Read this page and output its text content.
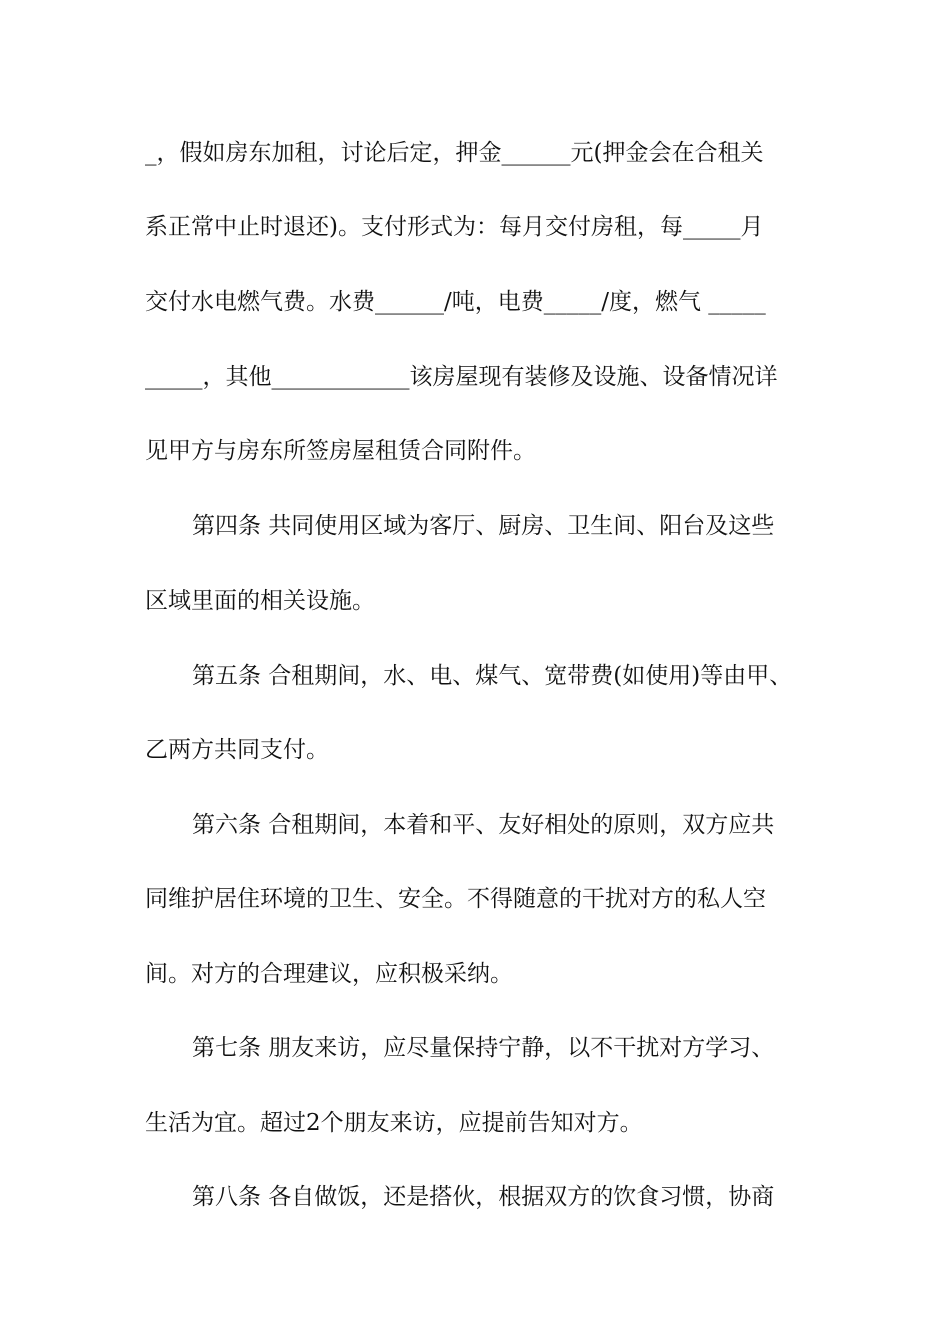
_，假如房东加租，讨论后定，押金______元(押金会在合租关
系正常中止时退还)。支付形式为：每月交付房租，每_____月
交付水电燃气费。水费______/吨，电费_____/度，燃气 _____
_____，其他____________该房屋现有装修及设施、设备情况详
见甲方与房东所签房屋租赁合同附件。
第四条 共同使用区域为客厅、厨房、卫生间、阳台及这些
区域里面的相关设施。
第五条 合租期间，水、电、煤气、宽带费(如使用)等由甲、
乙两方共同支付。
第六条 合租期间，本着和平、友好相处的原则，双方应共
同维护居住环境的卫生、安全。不得随意的干扰对方的私人空
间。对方的合理建议，应积极采纳。
第七条 朋友来访，应尽量保持宁静，以不干扰对方学习、
生活为宜。超过2个朋友来访，应提前告知对方。
第八条 各自做饭，还是搭伙，根据双方的饮食习惯，协商
